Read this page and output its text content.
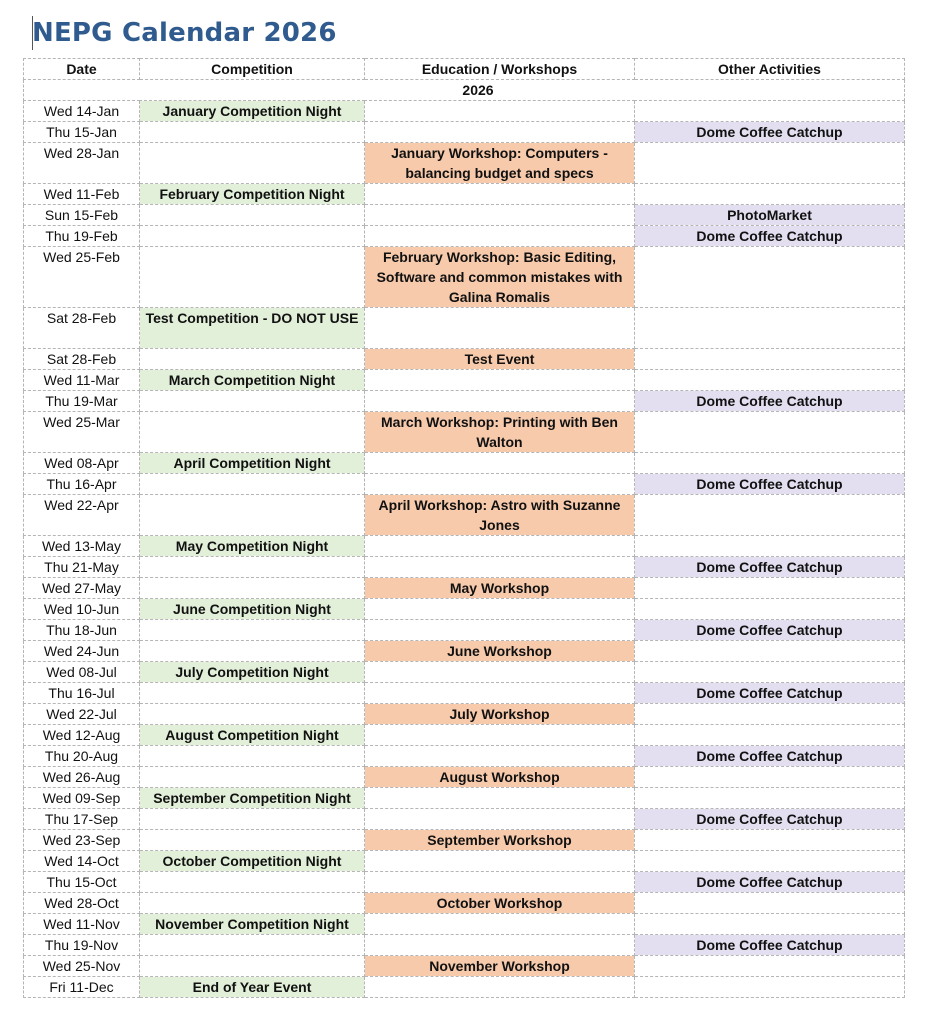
NEPG Calendar 2026
Date	Competition	Education / Workshops	Other Activities
2026			
Wed 14-Jan	January Competition Night		
Thu 15-Jan			Dome Coffee Catchup
Wed 28-Jan		January Workshop: Computers - balancing budget and specs	
Wed 11-Feb	February Competition Night		
Sun 15-Feb			PhotoMarket
Thu 19-Feb			Dome Coffee Catchup
Wed 25-Feb		February Workshop: Basic Editing, Software and common mistakes with Galina Romalis	
Sat 28-Feb	Test Competition - DO NOT USE		
Sat 28-Feb		Test Event	
Wed 11-Mar	March Competition Night		
Thu 19-Mar			Dome Coffee Catchup
Wed 25-Mar		March Workshop: Printing with Ben Walton	
Wed 08-Apr	April Competition Night		
Thu 16-Apr			Dome Coffee Catchup
Wed 22-Apr		April Workshop: Astro with Suzanne Jones	
Wed 13-May	May Competition Night		
Thu 21-May			Dome Coffee Catchup
Wed 27-May		May Workshop	
Wed 10-Jun	June Competition Night		
Thu 18-Jun			Dome Coffee Catchup
Wed 24-Jun		June Workshop	
Wed 08-Jul	July Competition Night		
Thu 16-Jul			Dome Coffee Catchup
Wed 22-Jul		July Workshop	
Wed 12-Aug	August Competition Night		
Thu 20-Aug			Dome Coffee Catchup
Wed 26-Aug		August Workshop	
Wed 09-Sep	September Competition Night		
Thu 17-Sep			Dome Coffee Catchup
Wed 23-Sep		September Workshop	
Wed 14-Oct	October Competition Night		
Thu 15-Oct			Dome Coffee Catchup
Wed 28-Oct		October Workshop	
Wed 11-Nov	November Competition Night		
Thu 19-Nov			Dome Coffee Catchup
Wed 25-Nov		November Workshop	
Fri 11-Dec	End of Year Event		
